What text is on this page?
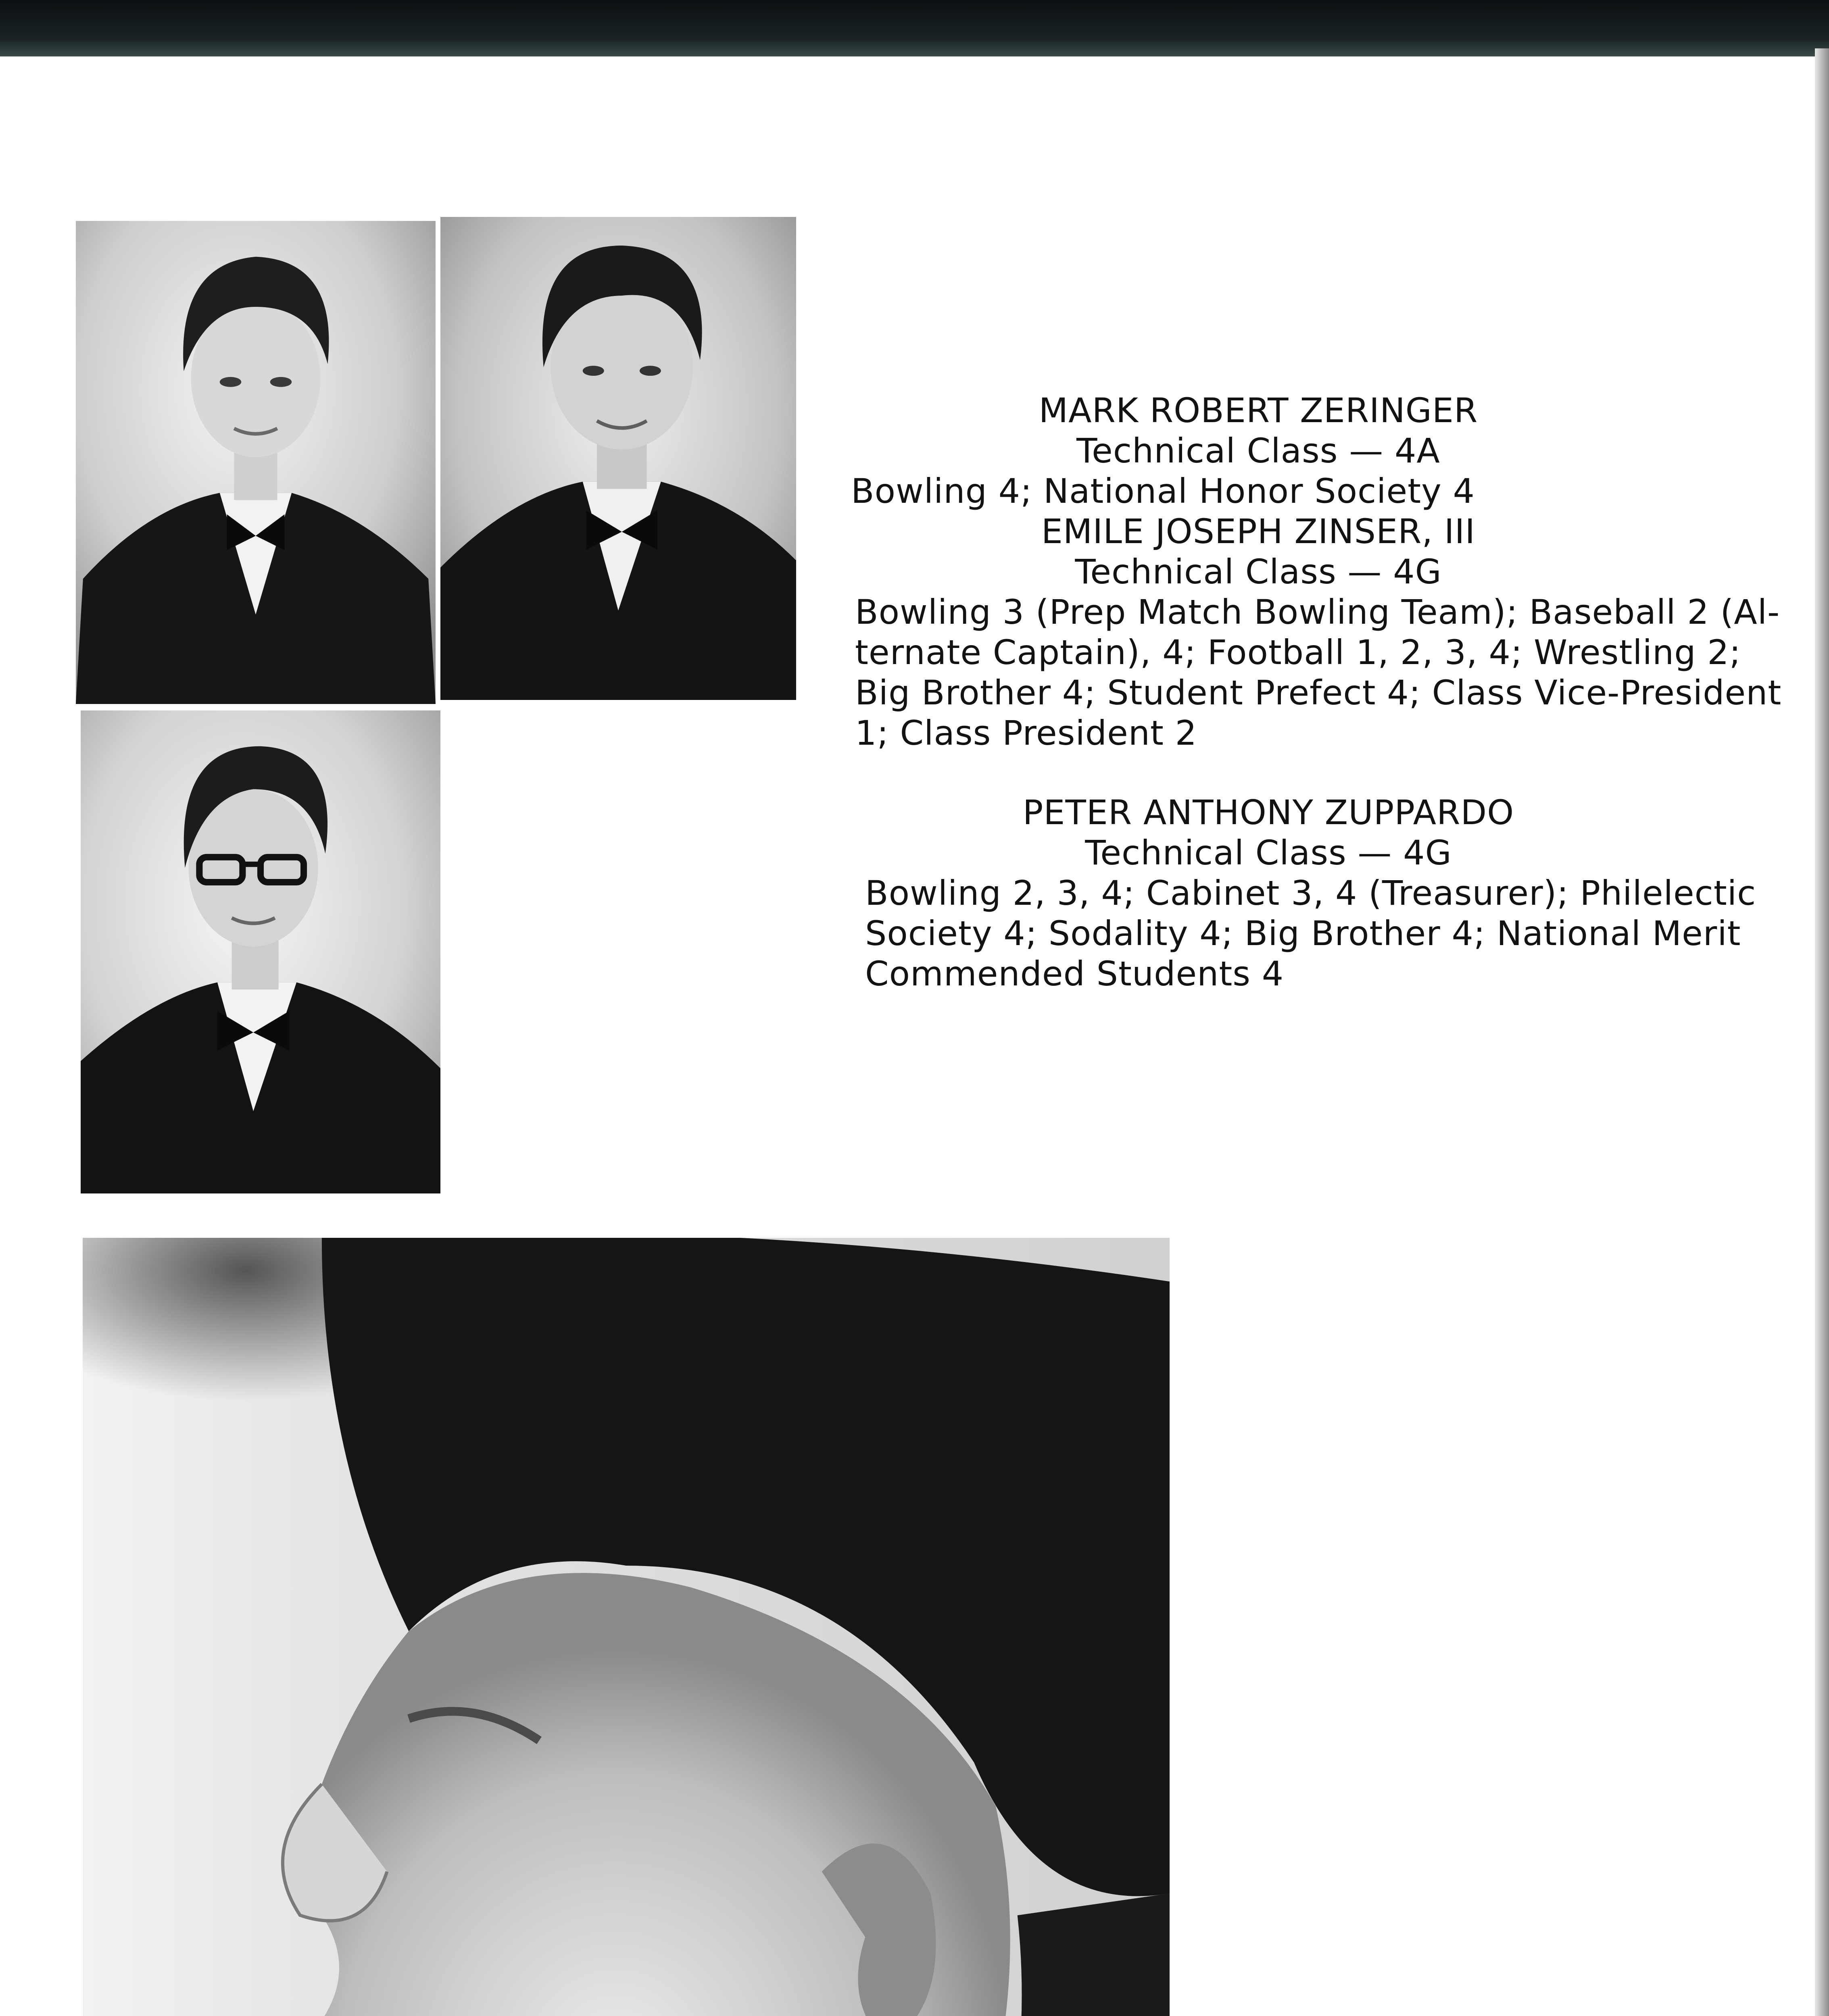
MARK ROBERT ZERINGER
Technical Class — 4A
Bowling 4; National Honor Society 4
EMILE JOSEPH ZINSER, III
Technical Class — 4G
Bowling 3 (Prep Match Bowling Team); Baseball 2 (Al-
ternate Captain), 4; Football 1, 2, 3, 4; Wrestling 2;
Big Brother 4; Student Prefect 4; Class Vice-President
1; Class President 2
PETER ANTHONY ZUPPARDO
Technical Class — 4G
Bowling 2, 3, 4; Cabinet 3, 4 (Treasurer); Philelectic
Society 4; Sodality 4; Big Brother 4; National Merit
Commended Students 4
